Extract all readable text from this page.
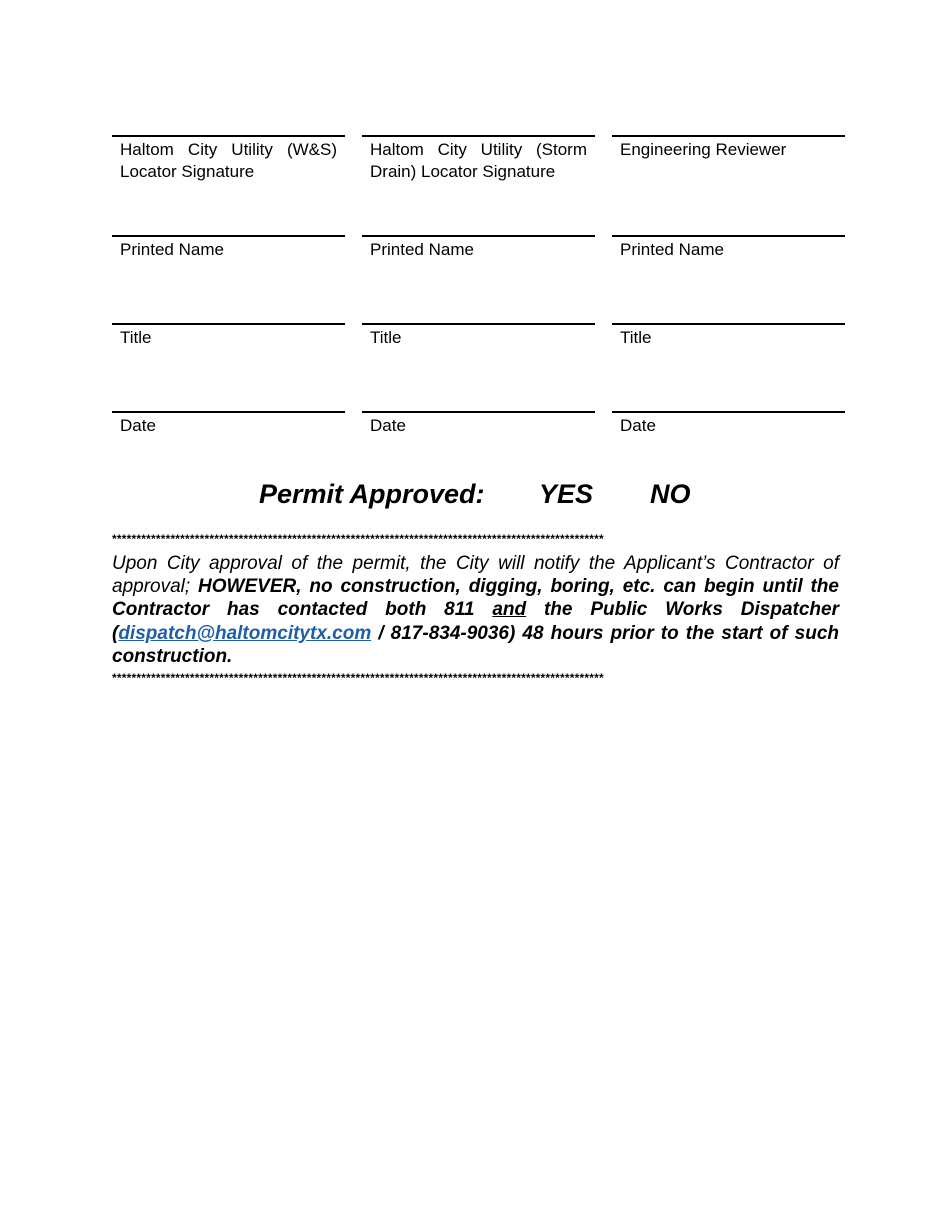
Haltom City Utility (W&S) Locator Signature
Printed Name
Title
Date
Haltom City Utility (Storm Drain) Locator Signature
Printed Name
Title
Date
Engineering Reviewer
Printed Name
Title
Date
Permit Approved: YES NO
*****************************************************************************************************
Upon City approval of the permit, the City will notify the Applicant’s Contractor of approval; HOWEVER, no construction, digging, boring, etc. can begin until the Contractor has contacted both 811 and the Public Works Dispatcher (dispatch@haltomcitytx.com / 817-834-9036) 48 hours prior to the start of such construction.
*****************************************************************************************************
